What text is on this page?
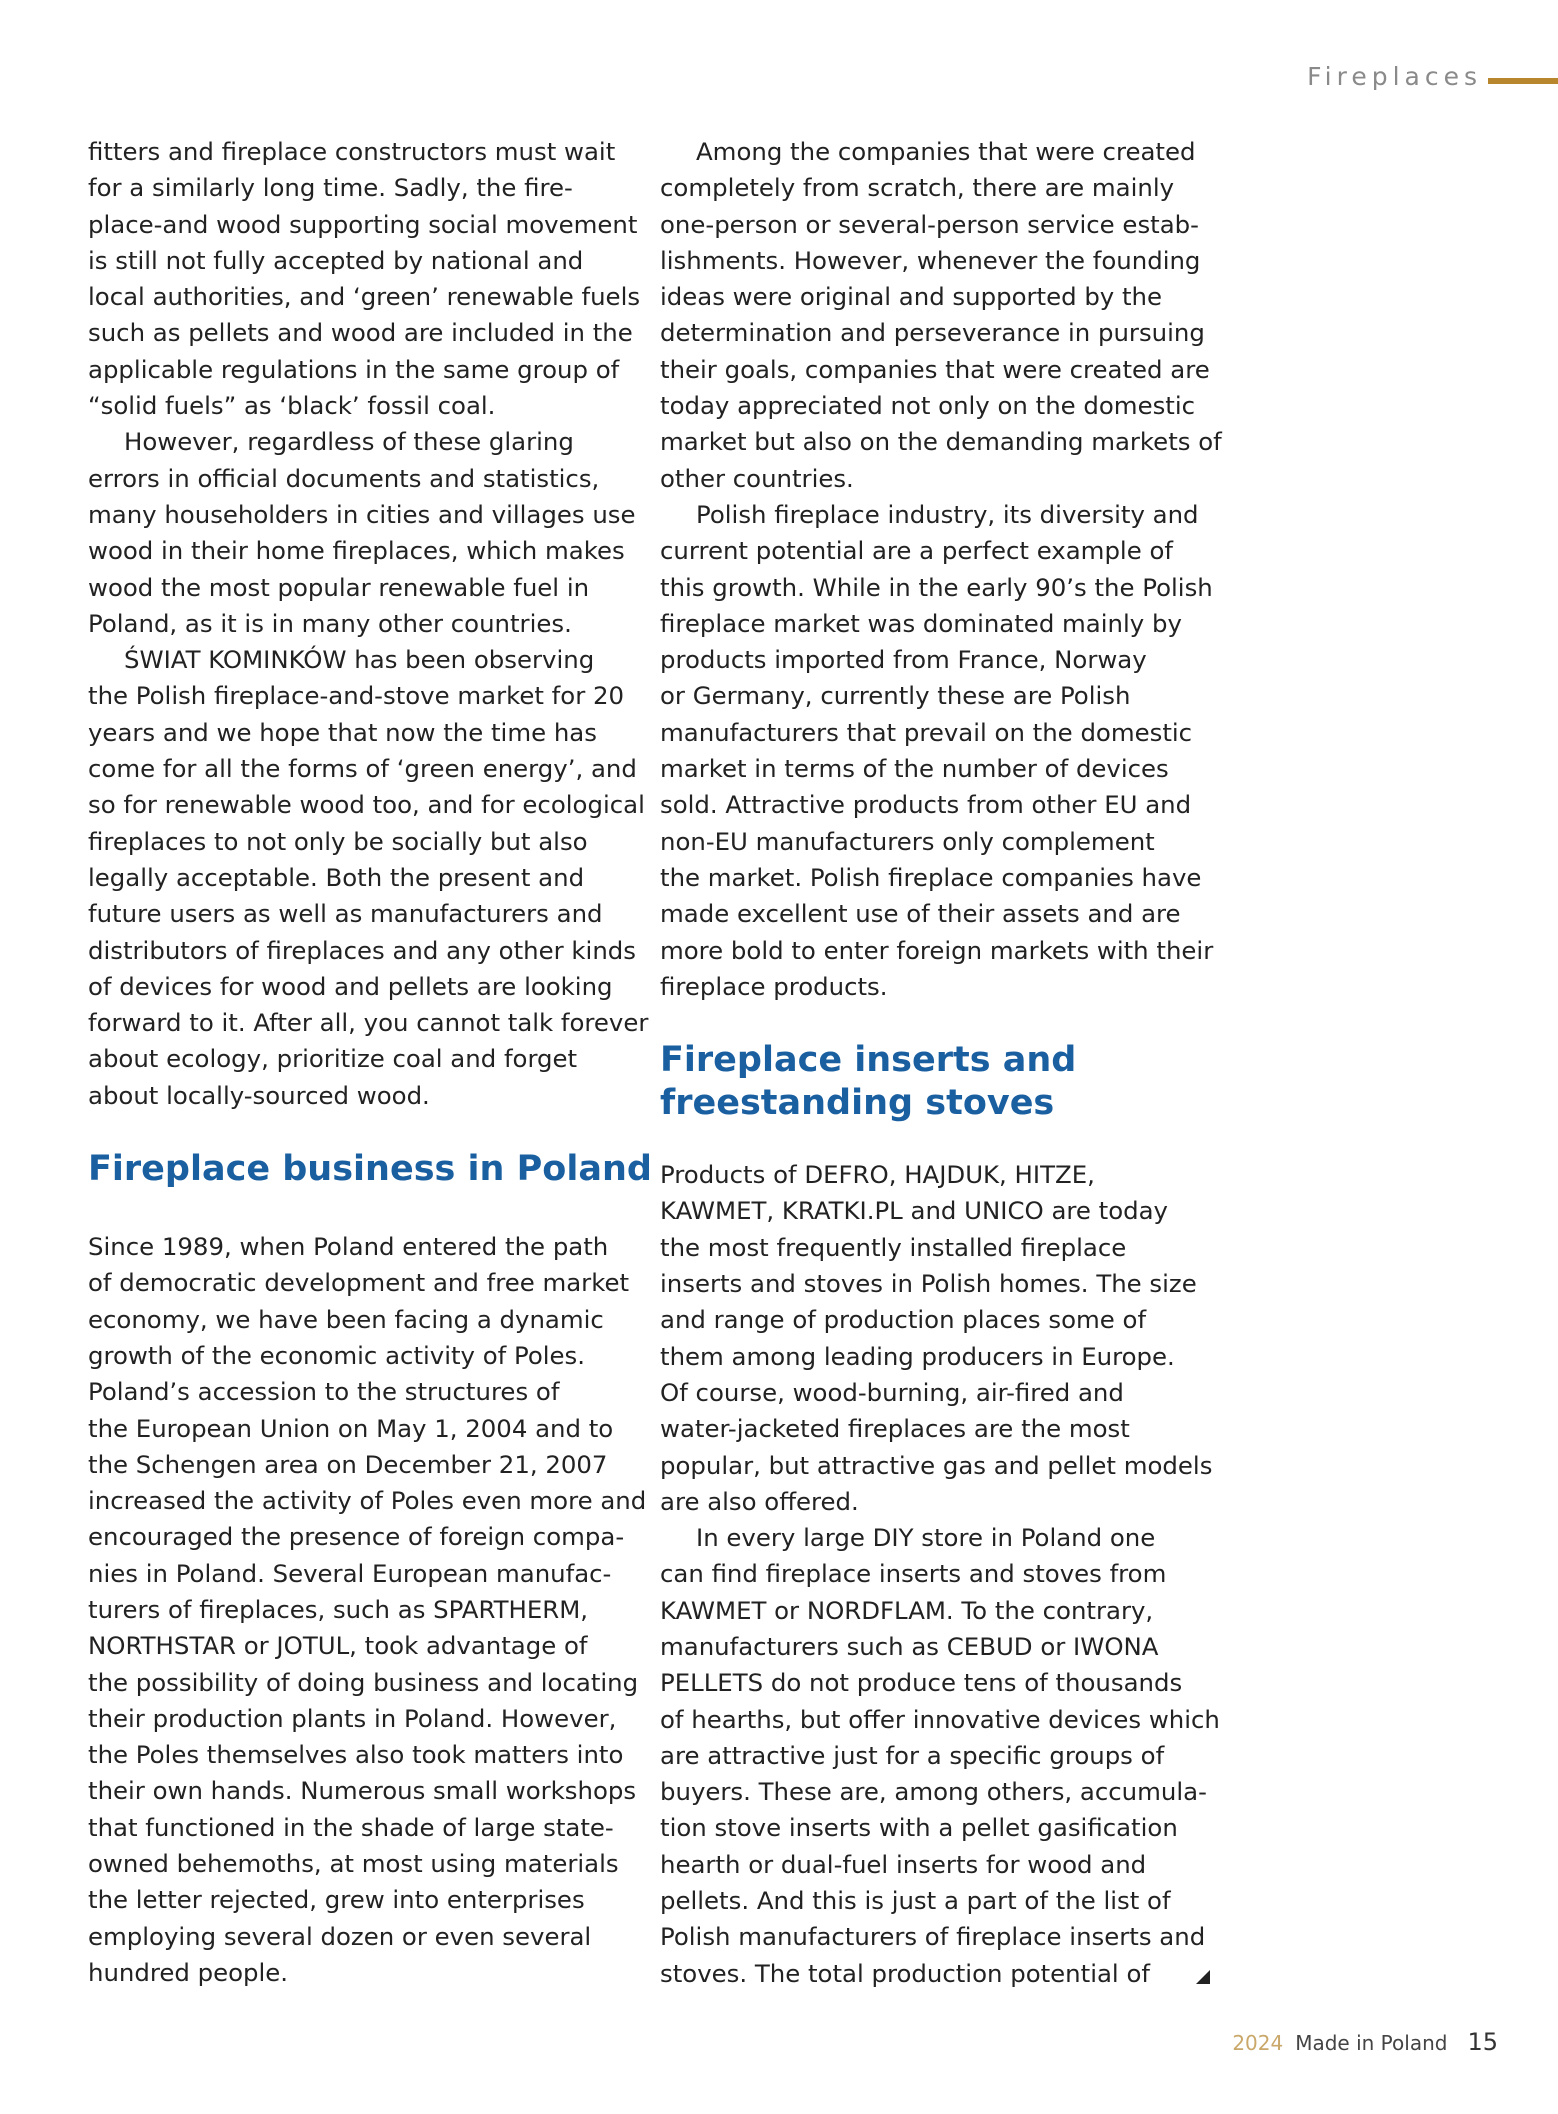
Fireplaces
fitters and fireplace constructors must wait
for a similarly long time. Sadly, the fire-
place-and wood supporting social movement
is still not fully accepted by national and
local authorities, and ‘green’ renewable fuels
such as pellets and wood are included in the
applicable regulations in the same group of
“solid fuels” as ‘black’ fossil coal.
However, regardless of these glaring
errors in official documents and statistics,
many householders in cities and villages use
wood in their home fireplaces, which makes
wood the most popular renewable fuel in
Poland, as it is in many other countries.
ŚWIAT KOMINKÓW has been observing
the Polish fireplace-and-stove market for 20
years and we hope that now the time has
come for all the forms of ‘green energy’, and
so for renewable wood too, and for ecological
fireplaces to not only be socially but also
legally acceptable. Both the present and
future users as well as manufacturers and
distributors of fireplaces and any other kinds
of devices for wood and pellets are looking
forward to it. After all, you cannot talk forever
about ecology, prioritize coal and forget
about locally-sourced wood.
Fireplace business in Poland
Since 1989, when Poland entered the path
of democratic development and free market
economy, we have been facing a dynamic
growth of the economic activity of Poles.
Poland’s accession to the structures of
the European Union on May 1, 2004 and to
the Schengen area on December 21, 2007
increased the activity of Poles even more and
encouraged the presence of foreign compa-
nies in Poland. Several European manufac-
turers of fireplaces, such as SPARTHERM,
NORTHSTAR or JOTUL, took advantage of
the possibility of doing business and locating
their production plants in Poland. However,
the Poles themselves also took matters into
their own hands. Numerous small workshops
that functioned in the shade of large state-
owned behemoths, at most using materials
the letter rejected, grew into enterprises
employing several dozen or even several
hundred people.
Among the companies that were created
completely from scratch, there are mainly
one-person or several-person service estab-
lishments. However, whenever the founding
ideas were original and supported by the
determination and perseverance in pursuing
their goals, companies that were created are
today appreciated not only on the domestic
market but also on the demanding markets of
other countries.
Polish fireplace industry, its diversity and
current potential are a perfect example of
this growth. While in the early 90’s the Polish
fireplace market was dominated mainly by
products imported from France, Norway
or Germany, currently these are Polish
manufacturers that prevail on the domestic
market in terms of the number of devices
sold. Attractive products from other EU and
non-EU manufacturers only complement
the market. Polish fireplace companies have
made excellent use of their assets and are
more bold to enter foreign markets with their
fireplace products.
Fireplace inserts and
freestanding stoves
Products of DEFRO, HAJDUK, HITZE,
KAWMET, KRATKI.PL and UNICO are today
the most frequently installed fireplace
inserts and stoves in Polish homes. The size
and range of production places some of
them among leading producers in Europe.
Of course, wood-burning, air-fired and
water-jacketed fireplaces are the most
popular, but attractive gas and pellet models
are also offered.
In every large DIY store in Poland one
can find fireplace inserts and stoves from
KAWMET or NORDFLAM. To the contrary,
manufacturers such as CEBUD or IWONA
PELLETS do not produce tens of thousands
of hearths, but offer innovative devices which
are attractive just for a specific groups of
buyers. These are, among others, accumula-
tion stove inserts with a pellet gasification
hearth or dual-fuel inserts for wood and
pellets. And this is just a part of the list of
Polish manufacturers of fireplace inserts and
stoves. The total production potential of
2024 Made in Poland 15
